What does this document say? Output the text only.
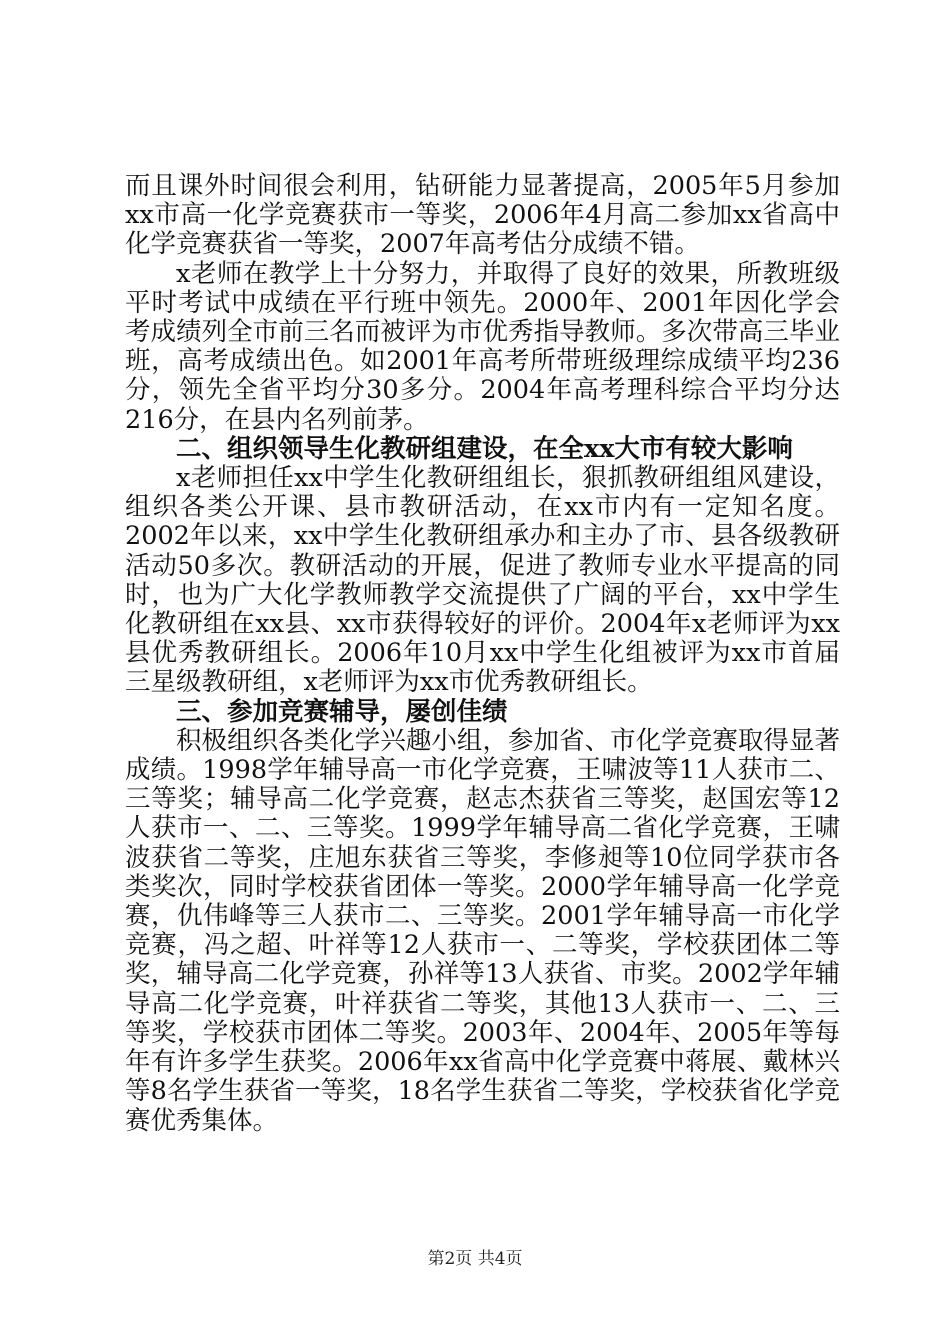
而且课外时间很会利用，钻研能力显著提高，2005年5月参加xx市高一化学竞赛获市一等奖，2006年4月高二参加xx省高中化学竞赛获省一等奖，2007年高考估分成绩不错。

x老师在教学上十分努力，并取得了良好的效果，所教班级平时考试中成绩在平行班中领先。2000年、2001年因化学会考成绩列全市前三名而被评为市优秀指导教师。多次带高三毕业班，高考成绩出色。如2001年高考所带班级理综成绩平均236分，领先全省平均分30多分。2004年高考理科综合平均分达216分，在县内名列前茅。

二、组织领导生化教研组建设，在全xx大市有较大影响

x老师担任xx中学生化教研组组长，狠抓教研组组风建设，组织各类公开课、县市教研活动，在xx市内有一定知名度。2002年以来，xx中学生化教研组承办和主办了市、县各级教研活动50多次。教研活动的开展，促进了教师专业水平提高的同时，也为广大化学教师教学交流提供了广阔的平台，xx中学生化教研组在xx县、xx市获得较好的评价。2004年x老师评为xx县优秀教研组长。2006年10月xx中学生化组被评为xx市首届三星级教研组，x老师评为xx市优秀教研组长。

三、参加竞赛辅导，屡创佳绩

积极组织各类化学兴趣小组，参加省、市化学竞赛取得显著成绩。1998学年辅导高一市化学竞赛，王啸波等11人获市二、三等奖；辅导高二化学竞赛，赵志杰获省三等奖，赵国宏等12人获市一、二、三等奖。1999学年辅导高二省化学竞赛，王啸波获省二等奖，庄旭东获省三等奖，李修昶等10位同学获市各类奖次，同时学校获省团体一等奖。2000学年辅导高一化学竞赛，仇伟峰等三人获市二、三等奖。2001学年辅导高一市化学竞赛，冯之超、叶祥等12人获市一、二等奖，学校获团体二等奖，辅导高二化学竞赛，孙祥等13人获省、市奖。2002学年辅导高二化学竞赛，叶祥获省二等奖，其他13人获市一、二、三等奖，学校获市团体二等奖。2003年、2004年、2005年等每年有许多学生获奖。2006年xx省高中化学竞赛中蒋展、戴林兴等8名学生获省一等奖，18名学生获省二等奖，学校获省化学竞赛优秀集体。

第2页 共4页
